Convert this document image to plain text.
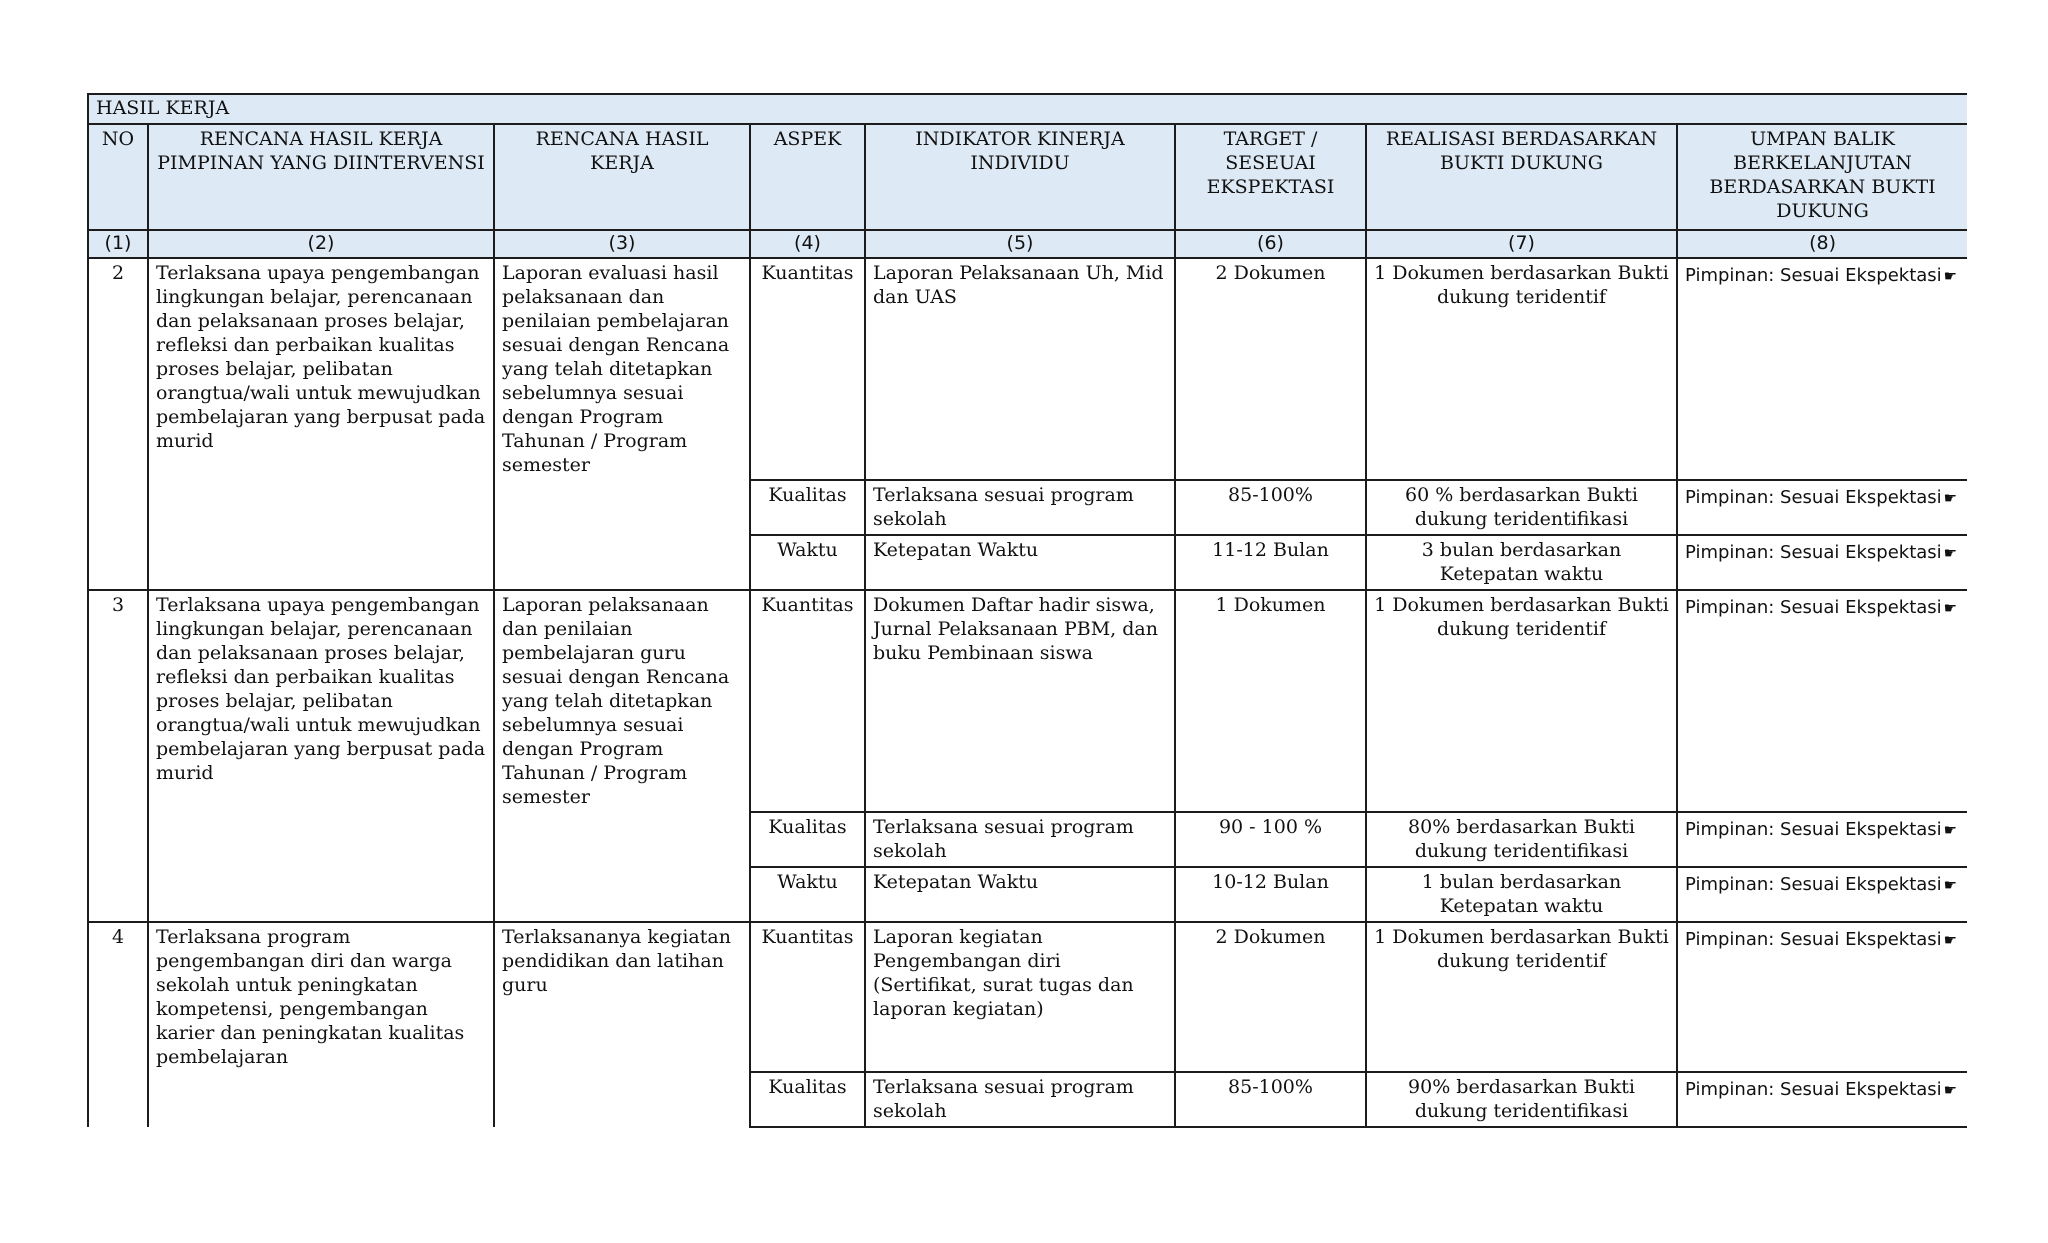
HASIL KERJA							
NO	RENCANA HASIL KERJA PIMPINAN YANG DIINTERVENSI	RENCANA HASIL KERJA	ASPEK	INDIKATOR KINERJA INDIVIDU	TARGET / SESEUAI EKSPEKTASI	REALISASI BERDASARKAN BUKTI DUKUNG	UMPAN BALIK BERKELANJUTAN BERDASARKAN BUKTI DUKUNG
(1)	(2)	(3)	(4)	(5)	(6)	(7)	(8)
2	Terlaksana upaya pengembangan lingkungan belajar, perencanaan dan pelaksanaan proses belajar, refleksi dan perbaikan kualitas proses belajar, pelibatan orangtua/wali untuk mewujudkan pembelajaran yang berpusat pada murid	Laporan evaluasi hasil pelaksanaan dan penilaian pembelajaran sesuai dengan Rencana yang telah ditetapkan sebelumnya sesuai dengan Program Tahunan / Program semester	Kuantitas	Laporan Pelaksanaan Uh, Mid dan UAS	2 Dokumen	1 Dokumen berdasarkan Bukti dukung teridentif	Pimpinan: Sesuai Ekspektasi ☛
			Kualitas	Terlaksana sesuai program sekolah	85-100%	60 % berdasarkan Bukti dukung teridentifikasi	Pimpinan: Sesuai Ekspektasi ☛
			Waktu	Ketepatan Waktu	11-12 Bulan	3 bulan berdasarkan Ketepatan waktu	Pimpinan: Sesuai Ekspektasi ☛
3	Terlaksana upaya pengembangan lingkungan belajar, perencanaan dan pelaksanaan proses belajar, refleksi dan perbaikan kualitas proses belajar, pelibatan orangtua/wali untuk mewujudkan pembelajaran yang berpusat pada murid	Laporan pelaksanaan dan penilaian pembelajaran guru sesuai dengan Rencana yang telah ditetapkan sebelumnya sesuai dengan Program Tahunan / Program semester	Kuantitas	Dokumen Daftar hadir siswa, Jurnal Pelaksanaan PBM, dan buku Pembinaan siswa	1 Dokumen	1 Dokumen berdasarkan Bukti dukung teridentif	Pimpinan: Sesuai Ekspektasi ☛
			Kualitas	Terlaksana sesuai program sekolah	90 - 100 %	80% berdasarkan Bukti dukung teridentifikasi	Pimpinan: Sesuai Ekspektasi ☛
			Waktu	Ketepatan Waktu	10-12 Bulan	1 bulan berdasarkan Ketepatan waktu	Pimpinan: Sesuai Ekspektasi ☛
4	Terlaksana program pengembangan diri dan warga sekolah untuk peningkatan kompetensi, pengembangan karier dan peningkatan kualitas pembelajaran	Terlaksananya kegiatan pendidikan dan latihan guru	Kuantitas	Laporan kegiatan Pengembangan diri (Sertifikat, surat tugas dan laporan kegiatan)	2 Dokumen	1 Dokumen berdasarkan Bukti dukung teridentif	Pimpinan: Sesuai Ekspektasi ☛
			Kualitas	Terlaksana sesuai program sekolah	85-100%	90% berdasarkan Bukti dukung teridentifikasi	Pimpinan: Sesuai Ekspektasi ☛
